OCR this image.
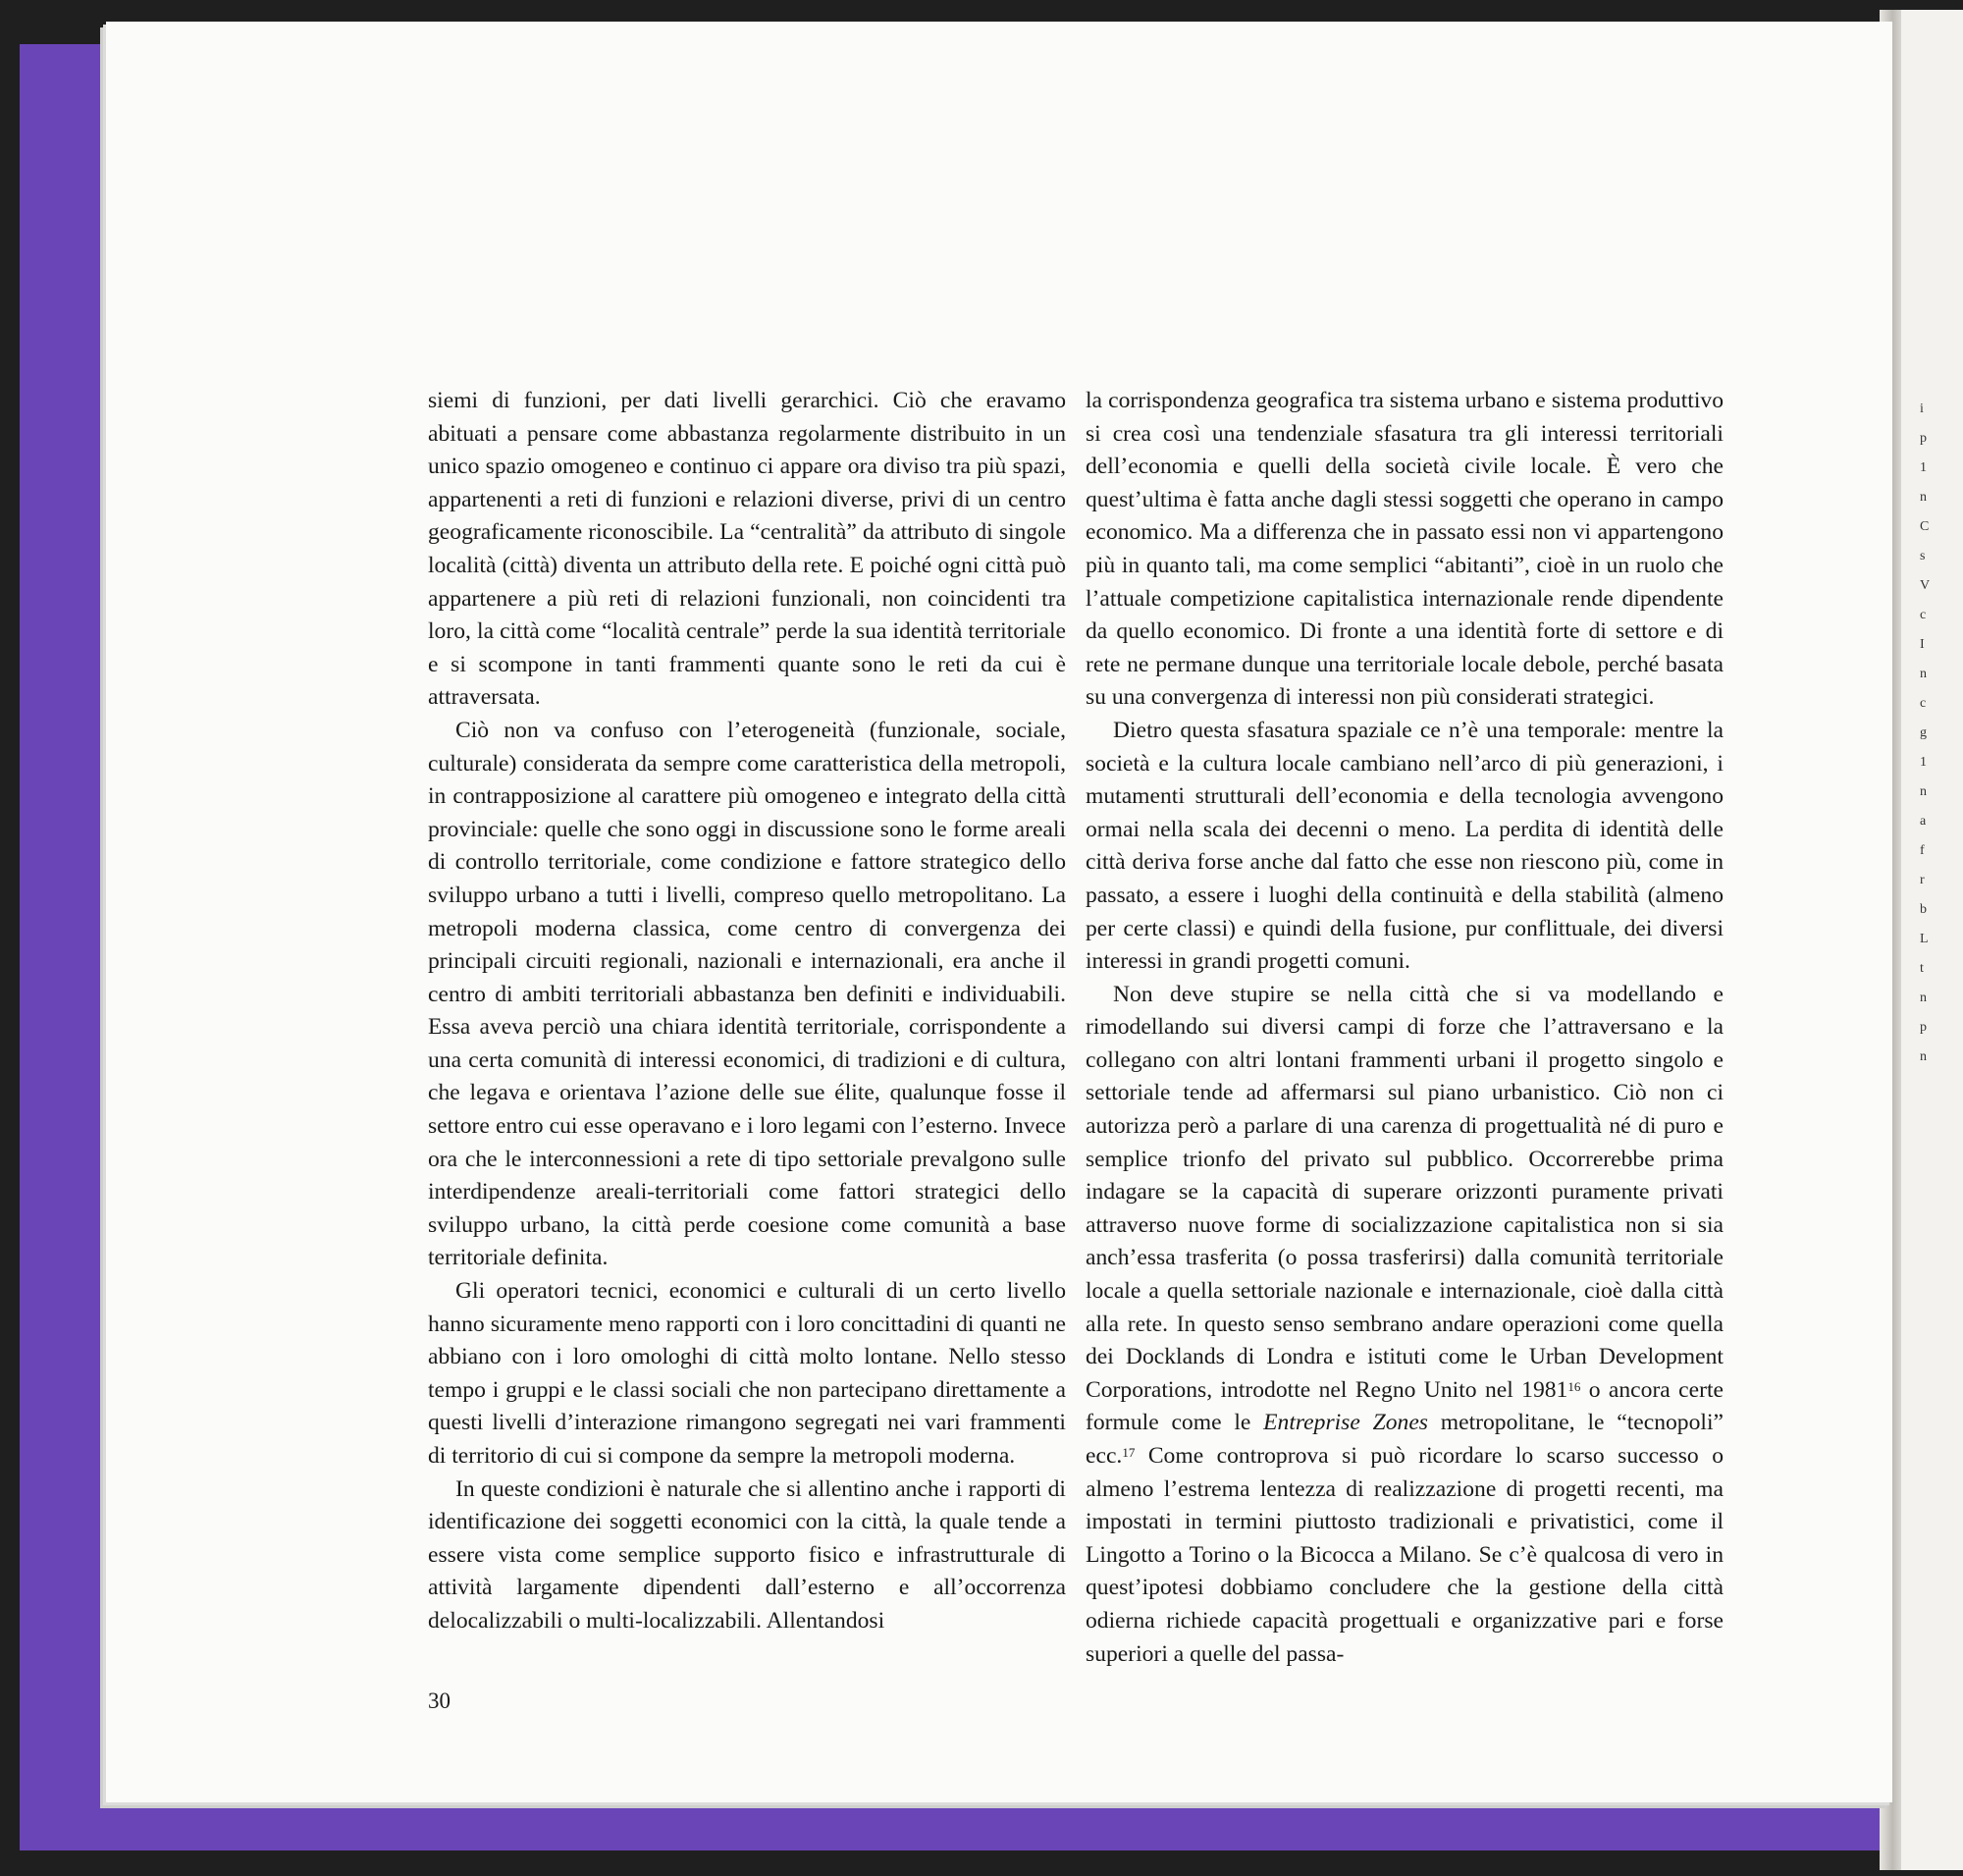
i
p
1
n
C
s
V
c
I
n
c
g
1
n
a
f
r
b
L
t
n
p
n

siemi di funzioni, per dati livelli gerarchici. Ciò che eravamo abituati a pensare come abbastanza regolarmente distribuito in un unico spazio omogeneo e continuo ci appare ora diviso tra più spazi, appartenenti a reti di funzioni e relazioni diverse, privi di un centro geograficamente riconoscibile. La “centralità” da attributo di singole località (città) diventa un attributo della rete. E poiché ogni città può appartenere a più reti di relazioni funzionali, non coincidenti tra loro, la città come “località centrale” perde la sua identità territoriale e si scompone in tanti frammenti quante sono le reti da cui è attraversata.

Ciò non va confuso con l’eterogeneità (funzionale, sociale, culturale) considerata da sempre come caratteristica della metropoli, in contrapposizione al carattere più omogeneo e integrato della città provinciale: quelle che sono oggi in discussione sono le forme areali di controllo territoriale, come condizione e fattore strategico dello sviluppo urbano a tutti i livelli, compreso quello metropolitano. La metropoli moderna classica, come centro di convergenza dei principali circuiti regionali, nazionali e internazionali, era anche il centro di ambiti territoriali abbastanza ben definiti e individuabili. Essa aveva perciò una chiara identità territoriale, corrispondente a una certa comunità di interessi economici, di tradizioni e di cultura, che legava e orientava l’azione delle sue élite, qualunque fosse il settore entro cui esse operavano e i loro legami con l’esterno. Invece ora che le interconnessioni a rete di tipo settoriale prevalgono sulle interdipendenze areali-territoriali come fattori strategici dello sviluppo urbano, la città perde coesione come comunità a base territoriale definita.

Gli operatori tecnici, economici e culturali di un certo livello hanno sicuramente meno rapporti con i loro concittadini di quanti ne abbiano con i loro omologhi di città molto lontane. Nello stesso tempo i gruppi e le classi sociali che non partecipano direttamente a questi livelli d’interazione rimangono segregati nei vari frammenti di territorio di cui si compone da sempre la metropoli moderna.

In queste condizioni è naturale che si allentino anche i rapporti di identificazione dei soggetti economici con la città, la quale tende a essere vista come semplice supporto fisico e infrastrutturale di attività largamente dipendenti dall’esterno e all’occorrenza delocalizzabili o multi-localizzabili. Allentandosi

la corrispondenza geografica tra sistema urbano e sistema produttivo si crea così una tendenziale sfasatura tra gli interessi territoriali dell’economia e quelli della società civile locale. È vero che quest’ultima è fatta anche dagli stessi soggetti che operano in campo economico. Ma a differenza che in passato essi non vi appartengono più in quanto tali, ma come semplici “abitanti”, cioè in un ruolo che l’attuale competizione capitalistica internazionale rende dipendente da quello economico. Di fronte a una identità forte di settore e di rete ne permane dunque una territoriale locale debole, perché basata su una convergenza di interessi non più considerati strategici.

Dietro questa sfasatura spaziale ce n’è una temporale: mentre la società e la cultura locale cambiano nell’arco di più generazioni, i mutamenti strutturali dell’economia e della tecnologia avvengono ormai nella scala dei decenni o meno. La perdita di identità delle città deriva forse anche dal fatto che esse non riescono più, come in passato, a essere i luoghi della continuità e della stabilità (almeno per certe classi) e quindi della fusione, pur conflittuale, dei diversi interessi in grandi progetti comuni.

Non deve stupire se nella città che si va modellando e rimodellando sui diversi campi di forze che l’attraversano e la collegano con altri lontani frammenti urbani il progetto singolo e settoriale tende ad affermarsi sul piano urbanistico. Ciò non ci autorizza però a parlare di una carenza di progettualità né di puro e semplice trionfo del privato sul pubblico. Occorrerebbe prima indagare se la capacità di superare orizzonti puramente privati attraverso nuove forme di socializzazione capitalistica non si sia anch’essa trasferita (o possa trasferirsi) dalla comunità territoriale locale a quella settoriale nazionale e internazionale, cioè dalla città alla rete. In questo senso sembrano andare operazioni come quella dei Docklands di Londra e istituti come le Urban Development Corporations, introdotte nel Regno Unito nel 1981$^{16}$ o ancora certe formule come le Entreprise Zones metropolitane, le “tecnopoli” ecc.$^{17}$ Come controprova si può ricordare lo scarso successo o almeno l’estrema lentezza di realizzazione di progetti recenti, ma impostati in termini piuttosto tradizionali e privatistici, come il Lingotto a Torino o la Bicocca a Milano. Se c’è qualcosa di vero in quest’ipotesi dobbiamo concludere che la gestione della città odierna richiede capacità progettuali e organizzative pari e forse superiori a quelle del passa-

30
